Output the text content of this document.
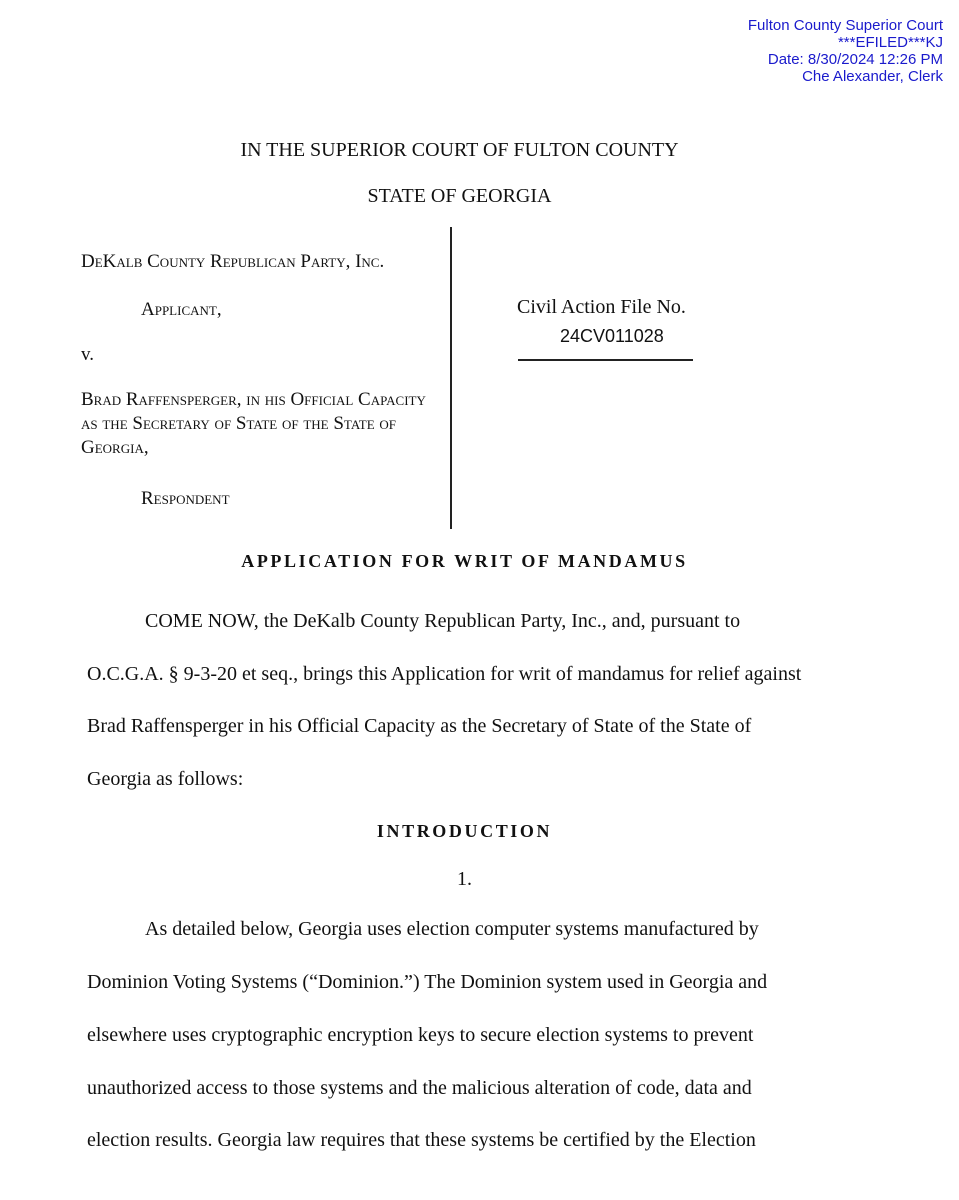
Fulton County Superior Court
***EFILED***KJ
Date: 8/30/2024 12:26 PM
Che Alexander, Clerk
IN THE SUPERIOR COURT OF FULTON COUNTY
STATE OF GEORGIA
DeKalb County Republican Party, Inc.
Applicant,
v.
Brad Raffensperger, in his Official Capacity as the Secretary of State of the State of Georgia,
Respondent
Civil Action File No.
24CV011028
APPLICATION FOR WRIT OF MANDAMUS
COME NOW, the DeKalb County Republican Party, Inc., and, pursuant to
O.C.G.A. § 9-3-20 et seq., brings this Application for writ of mandamus for relief against
Brad Raffensperger in his Official Capacity as the Secretary of State of the State of
Georgia as follows:
INTRODUCTION
1.
As detailed below, Georgia uses election computer systems manufactured by
Dominion Voting Systems (“Dominion.”) The Dominion system used in Georgia and
elsewhere uses cryptographic encryption keys to secure election systems to prevent
unauthorized access to those systems and the malicious alteration of code, data and
election results. Georgia law requires that these systems be certified by the Election
